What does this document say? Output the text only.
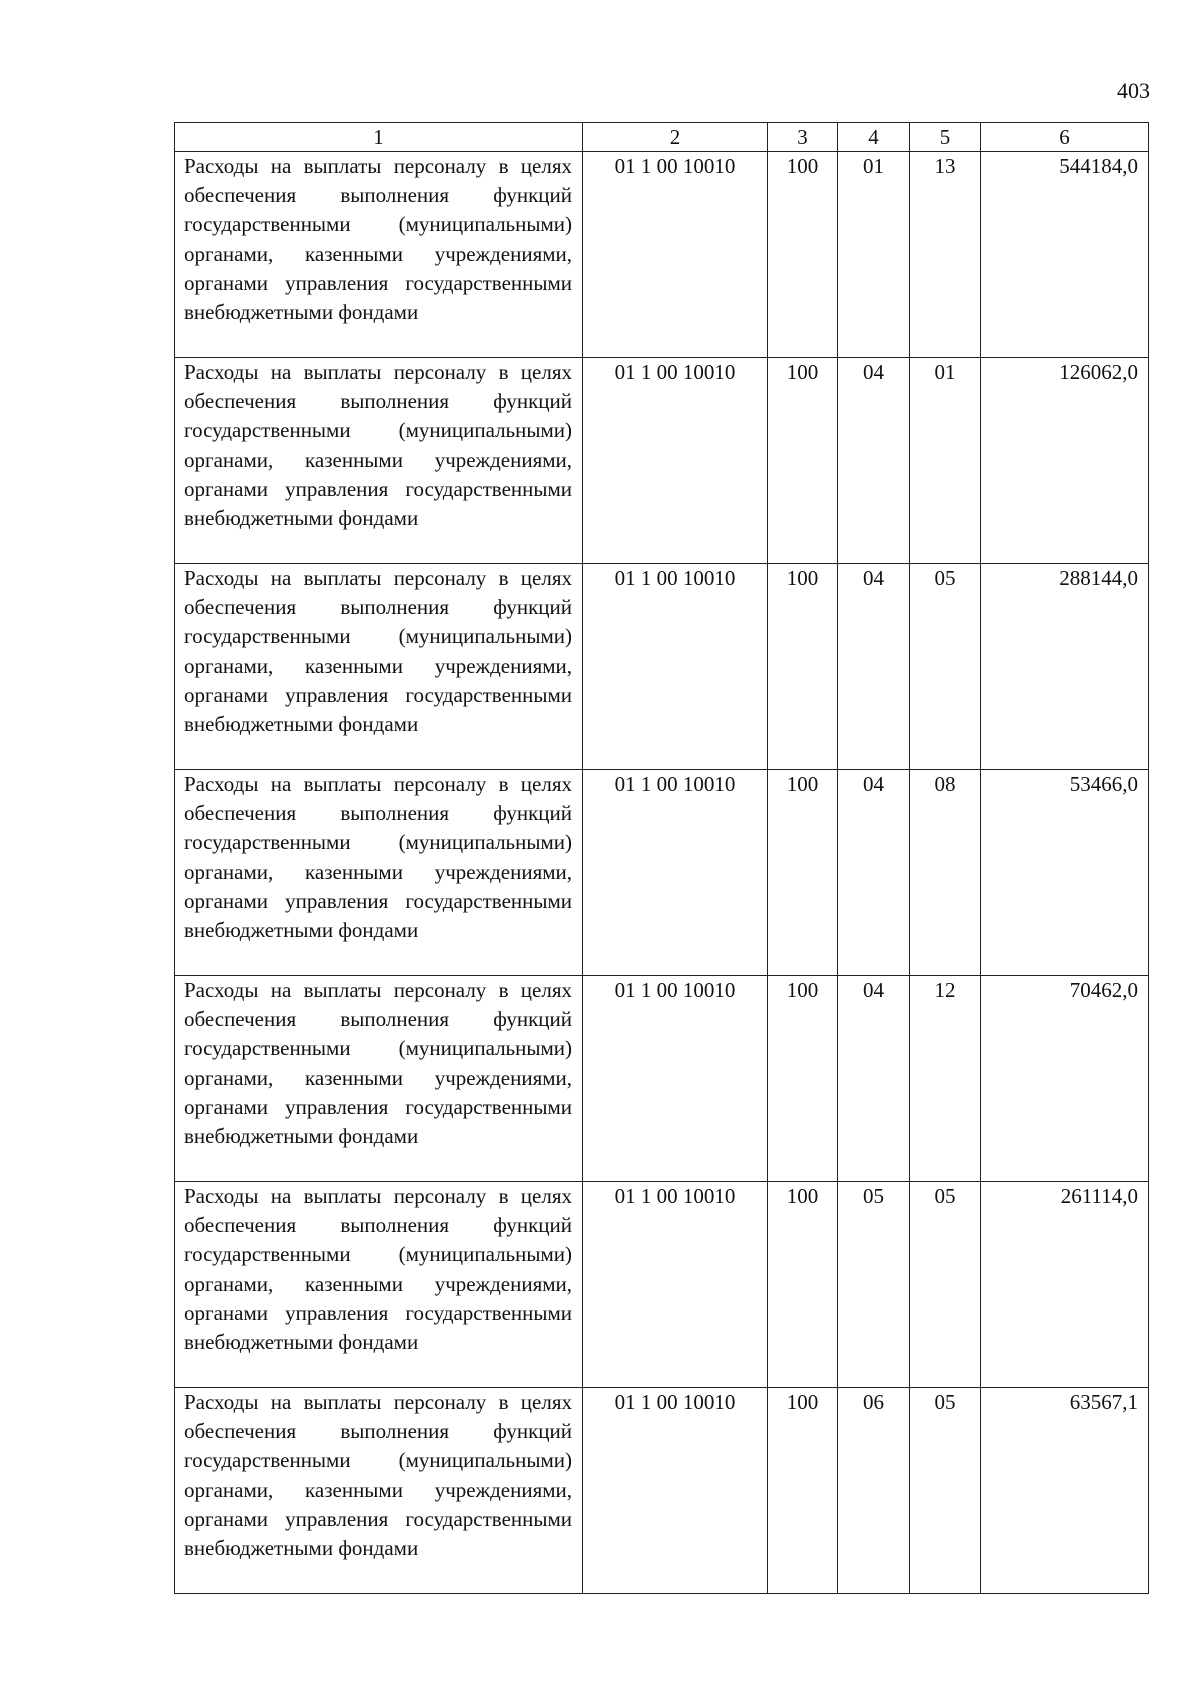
403
1	2	3	4	5	6
Расходы на выплаты персоналу в целях обеспечения выполнения функций государственными (муниципальными) органами, казенными учреждениями, органами управления государственными внебюджетными фондами	01 1 00 10010	100	01	13	544184,0
Расходы на выплаты персоналу в целях обеспечения выполнения функций государственными (муниципальными) органами, казенными учреждениями, органами управления государственными внебюджетными фондами	01 1 00 10010	100	04	01	126062,0
Расходы на выплаты персоналу в целях обеспечения выполнения функций государственными (муниципальными) органами, казенными учреждениями, органами управления государственными внебюджетными фондами	01 1 00 10010	100	04	05	288144,0
Расходы на выплаты персоналу в целях обеспечения выполнения функций государственными (муниципальными) органами, казенными учреждениями, органами управления государственными внебюджетными фондами	01 1 00 10010	100	04	08	53466,0
Расходы на выплаты персоналу в целях обеспечения выполнения функций государственными (муниципальными) органами, казенными учреждениями, органами управления государственными внебюджетными фондами	01 1 00 10010	100	04	12	70462,0
Расходы на выплаты персоналу в целях обеспечения выполнения функций государственными (муниципальными) органами, казенными учреждениями, органами управления государственными внебюджетными фондами	01 1 00 10010	100	05	05	261114,0
Расходы на выплаты персоналу в целях обеспечения выполнения функций государственными (муниципальными) органами, казенными учреждениями, органами управления государственными внебюджетными фондами	01 1 00 10010	100	06	05	63567,1
